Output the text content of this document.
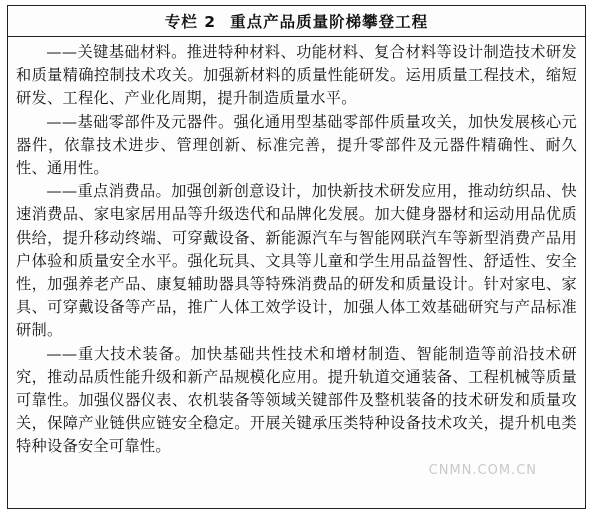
专栏 2 重点产品质量阶梯攀登工程

——关键基础材料。推进特种材料、功能材料、复合材料等设计制造技术研发和质量精确控制技术攻关。加强新材料的质量性能研发。运用质量工程技术，缩短研发、工程化、产业化周期，提升制造质量水平。

——基础零部件及元器件。强化通用型基础零部件质量攻关，加快发展核心元器件，依靠技术进步、管理创新、标准完善，提升零部件及元器件精确性、耐久性、通用性。

——重点消费品。加强创新创意设计，加快新技术研发应用，推动纺织品、快速消费品、家电家居用品等升级迭代和品牌化发展。加大健身器材和运动用品优质供给，提升移动终端、可穿戴设备、新能源汽车与智能网联汽车等新型消费产品用户体验和质量安全水平。强化玩具、文具等儿童和学生用品益智性、舒适性、安全性，加强养老产品、康复辅助器具等特殊消费品的研发和质量设计。针对家电、家具、可穿戴设备等产品，推广人体工效学设计，加强人体工效基础研究与产品标准研制。

——重大技术装备。加快基础共性技术和增材制造、智能制造等前沿技术研究，推动品质性能升级和新产品规模化应用。提升轨道交通装备、工程机械等质量可靠性。加强仪器仪表、农机装备等领域关键部件及整机装备的技术研发和质量攻关，保障产业链供应链安全稳定。开展关键承压类特种设备技术攻关，提升机电类特种设备安全可靠性。

CNMN.COM.CN
